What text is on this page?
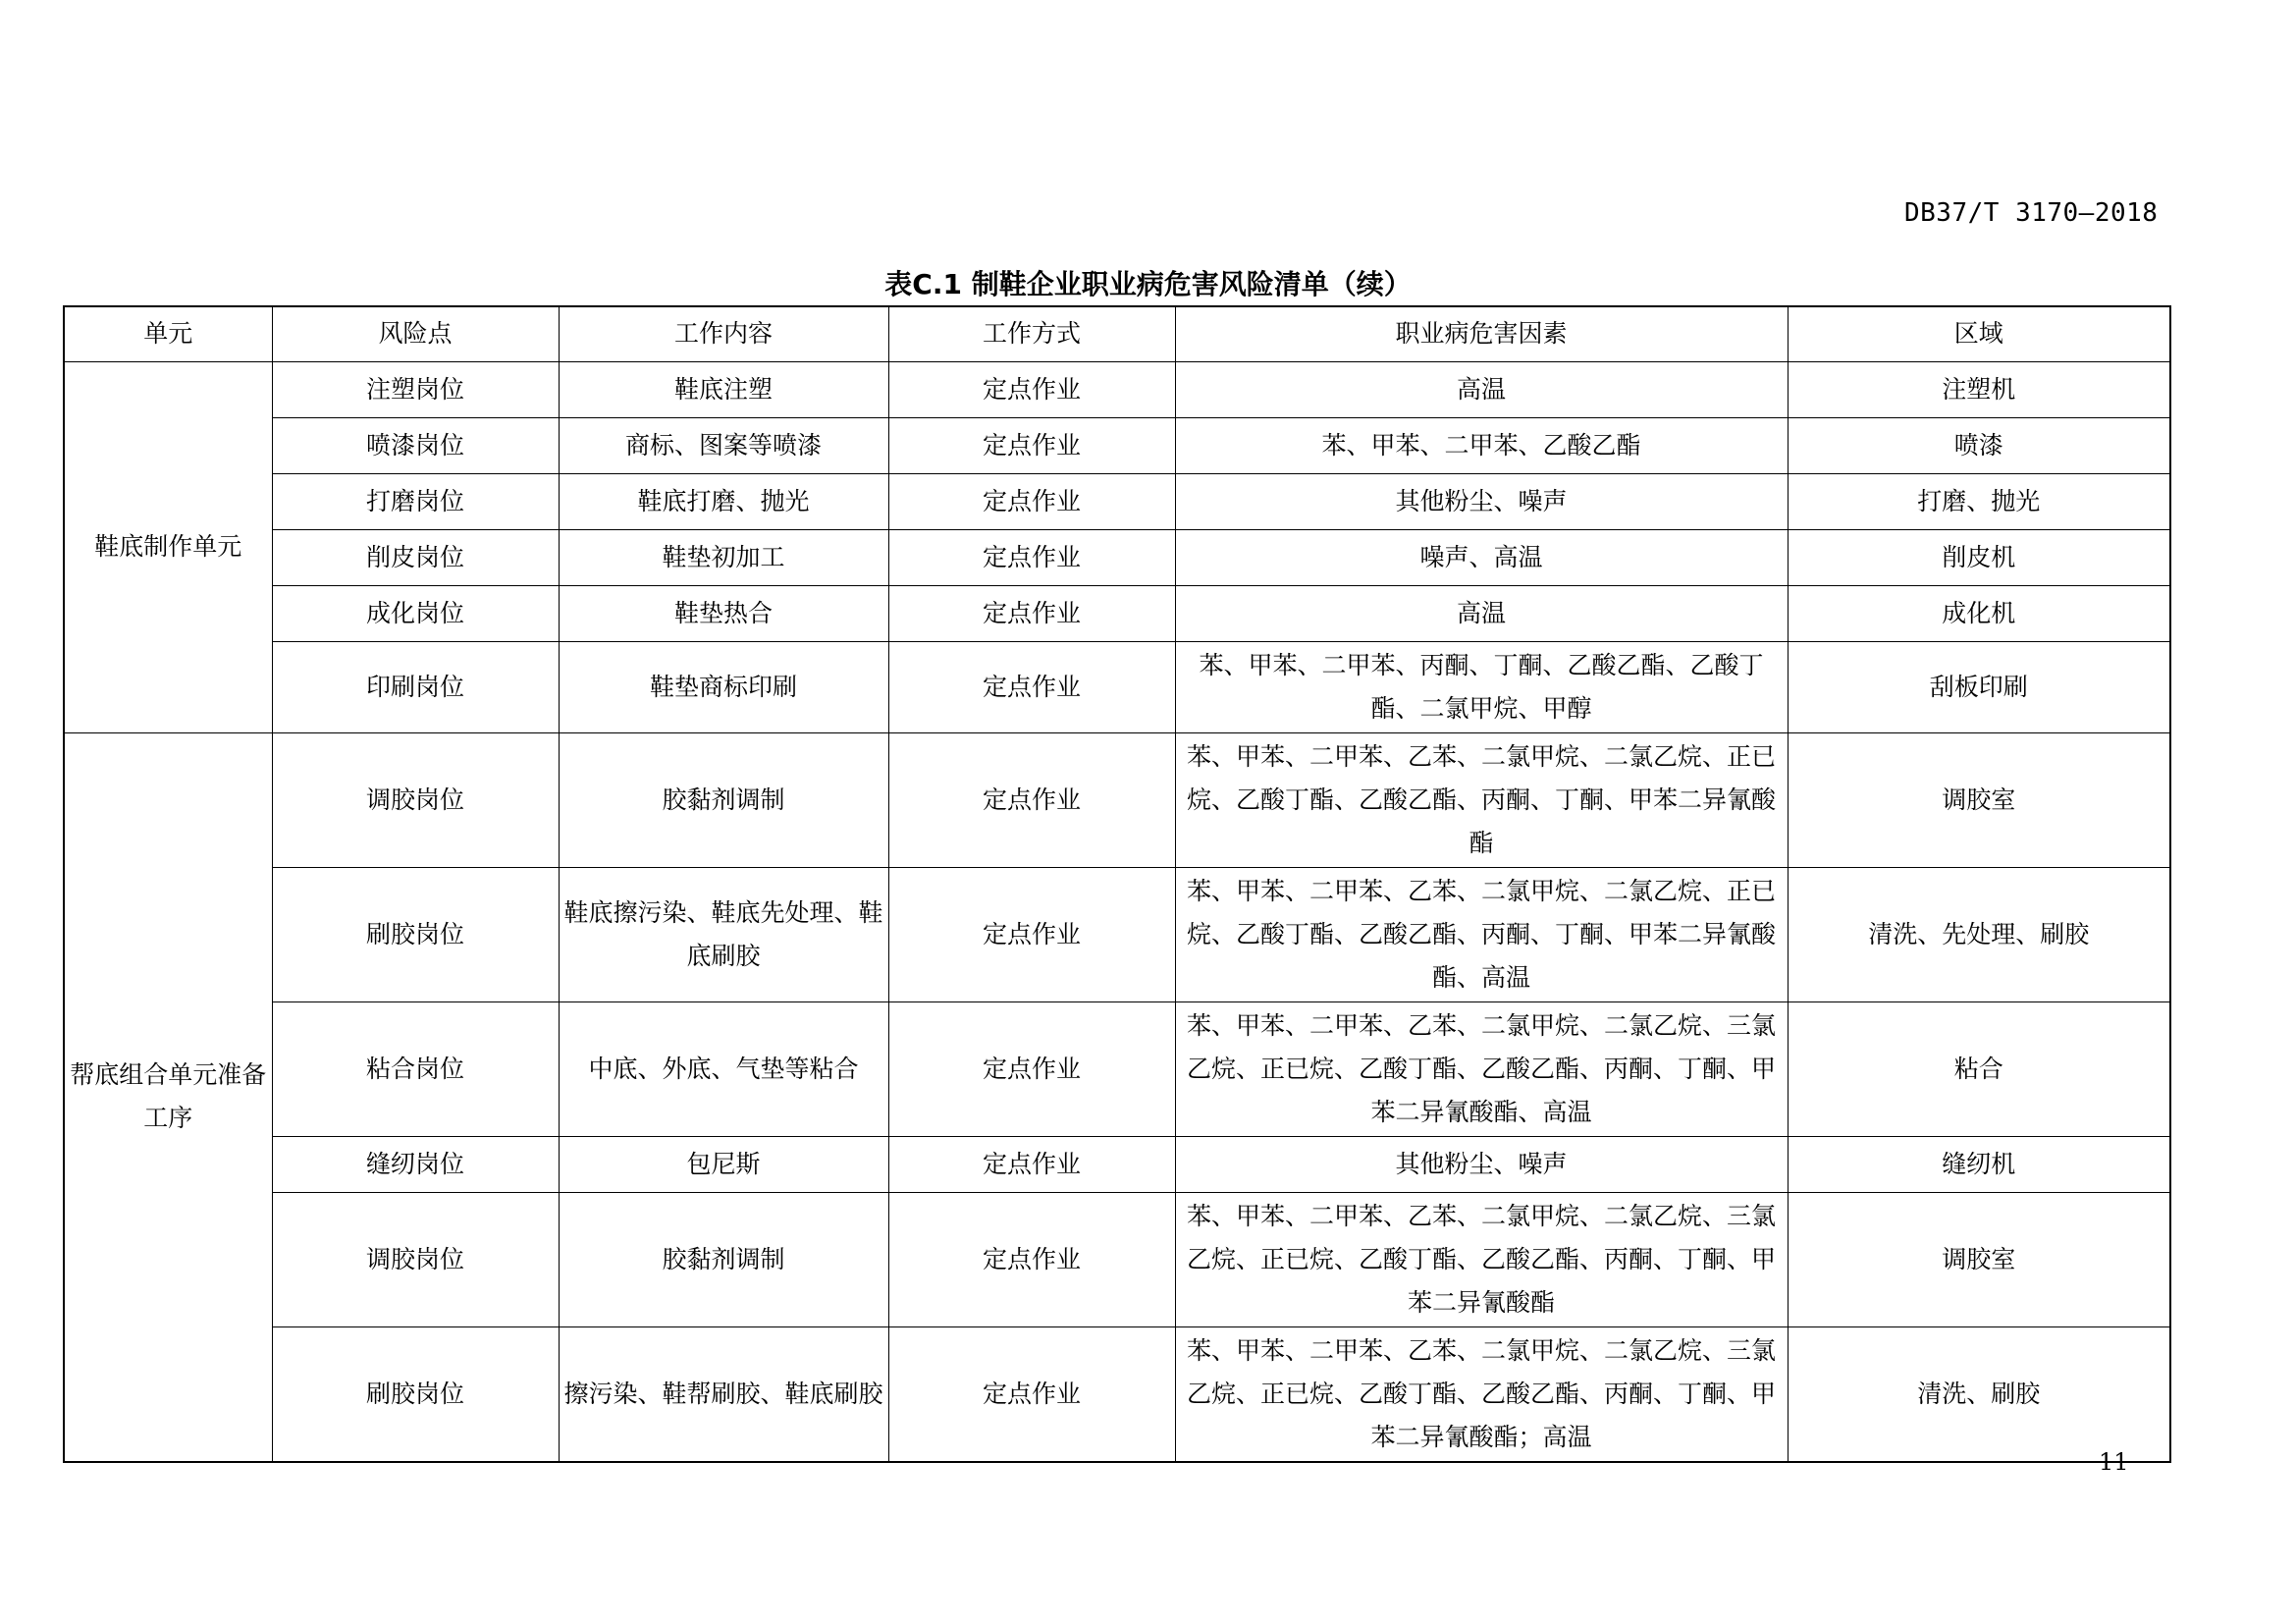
DB37/T 3170—2018
表C.1 制鞋企业职业病危害风险清单（续）
单元	风险点	工作内容	工作方式	职业病危害因素	区域
鞋底制作单元	注塑岗位	鞋底注塑	定点作业	高温	注塑机
	喷漆岗位	商标、图案等喷漆	定点作业	苯、甲苯、二甲苯、乙酸乙酯	喷漆
	打磨岗位	鞋底打磨、抛光	定点作业	其他粉尘、噪声	打磨、抛光
	削皮岗位	鞋垫初加工	定点作业	噪声、高温	削皮机
	成化岗位	鞋垫热合	定点作业	高温	成化机
	印刷岗位	鞋垫商标印刷	定点作业	苯、甲苯、二甲苯、丙酮、丁酮、乙酸乙酯、乙酸丁酯、二氯甲烷、甲醇	刮板印刷
帮底组合单元准备工序	调胶岗位	胶黏剂调制	定点作业	苯、甲苯、二甲苯、乙苯、二氯甲烷、二氯乙烷、正已烷、乙酸丁酯、乙酸乙酯、丙酮、丁酮、甲苯二异氰酸酯	调胶室
	刷胶岗位	鞋底擦污染、鞋底先处理、鞋底刷胶	定点作业	苯、甲苯、二甲苯、乙苯、二氯甲烷、二氯乙烷、正已烷、乙酸丁酯、乙酸乙酯、丙酮、丁酮、甲苯二异氰酸酯、高温	清洗、先处理、刷胶
	粘合岗位	中底、外底、气垫等粘合	定点作业	苯、甲苯、二甲苯、乙苯、二氯甲烷、二氯乙烷、三氯乙烷、正已烷、乙酸丁酯、乙酸乙酯、丙酮、丁酮、甲苯二异氰酸酯、高温	粘合
	缝纫岗位	包尼斯	定点作业	其他粉尘、噪声	缝纫机
	调胶岗位	胶黏剂调制	定点作业	苯、甲苯、二甲苯、乙苯、二氯甲烷、二氯乙烷、三氯乙烷、正已烷、乙酸丁酯、乙酸乙酯、丙酮、丁酮、甲苯二异氰酸酯	调胶室
	刷胶岗位	擦污染、鞋帮刷胶、鞋底刷胶	定点作业	苯、甲苯、二甲苯、乙苯、二氯甲烷、二氯乙烷、三氯乙烷、正已烷、乙酸丁酯、乙酸乙酯、丙酮、丁酮、甲苯二异氰酸酯；高温	清洗、刷胶
11
